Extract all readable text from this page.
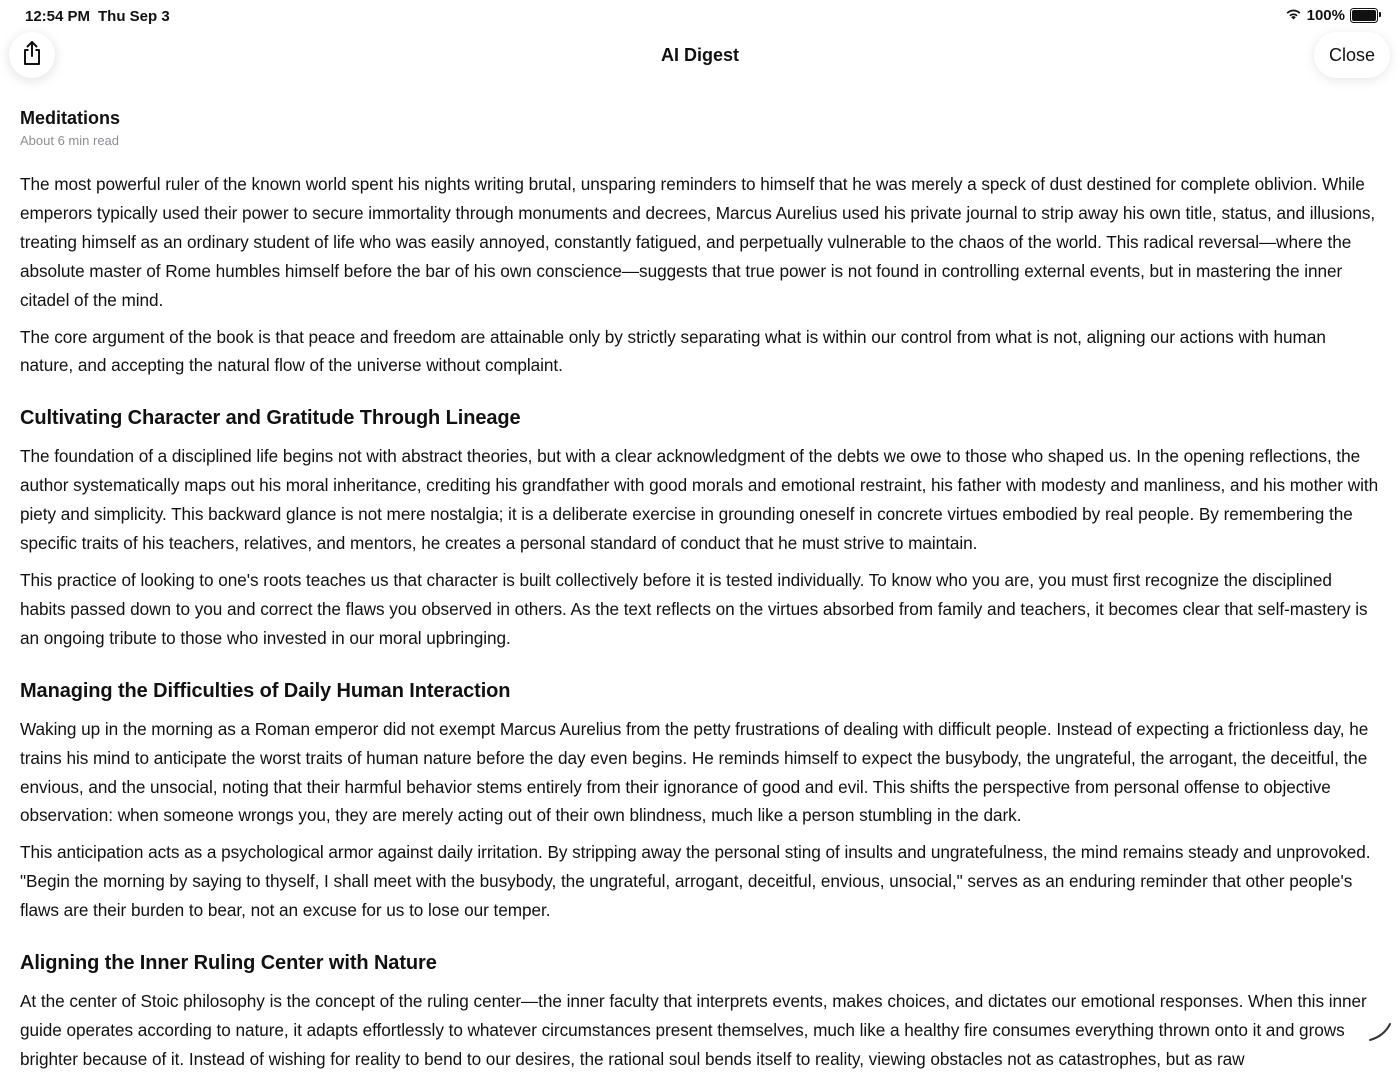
12:54 PM Thu Sep 3	100%
AI Digest	Close
Meditations
About 6 min read

The most powerful ruler of the known world spent his nights writing brutal, unsparing reminders to himself that he was merely a speck of dust destined for complete oblivion. While emperors typically used their power to secure immortality through monuments and decrees, Marcus Aurelius used his private journal to strip away his own title, status, and illusions, treating himself as an ordinary student of life who was easily annoyed, constantly fatigued, and perpetually vulnerable to the chaos of the world. This radical reversal—where the absolute master of Rome humbles himself before the bar of his own conscience—suggests that true power is not found in controlling external events, but in mastering the inner citadel of the mind.

The core argument of the book is that peace and freedom are attainable only by strictly separating what is within our control from what is not, aligning our actions with human nature, and accepting the natural flow of the universe without complaint.

Cultivating Character and Gratitude Through Lineage

The foundation of a disciplined life begins not with abstract theories, but with a clear acknowledgment of the debts we owe to those who shaped us. In the opening reflections, the author systematically maps out his moral inheritance, crediting his grandfather with good morals and emotional restraint, his father with modesty and manliness, and his mother with piety and simplicity. This backward glance is not mere nostalgia; it is a deliberate exercise in grounding oneself in concrete virtues embodied by real people. By remembering the specific traits of his teachers, relatives, and mentors, he creates a personal standard of conduct that he must strive to maintain.

This practice of looking to one's roots teaches us that character is built collectively before it is tested individually. To know who you are, you must first recognize the disciplined habits passed down to you and correct the flaws you observed in others. As the text reflects on the virtues absorbed from family and teachers, it becomes clear that self-mastery is an ongoing tribute to those who invested in our moral upbringing.

Managing the Difficulties of Daily Human Interaction

Waking up in the morning as a Roman emperor did not exempt Marcus Aurelius from the petty frustrations of dealing with difficult people. Instead of expecting a frictionless day, he trains his mind to anticipate the worst traits of human nature before the day even begins. He reminds himself to expect the busybody, the ungrateful, the arrogant, the deceitful, the envious, and the unsocial, noting that their harmful behavior stems entirely from their ignorance of good and evil. This shifts the perspective from personal offense to objective observation: when someone wrongs you, they are merely acting out of their own blindness, much like a person stumbling in the dark.

This anticipation acts as a psychological armor against daily irritation. By stripping away the personal sting of insults and ungratefulness, the mind remains steady and unprovoked. "Begin the morning by saying to thyself, I shall meet with the busybody, the ungrateful, arrogant, deceitful, envious, unsocial," serves as an enduring reminder that other people's flaws are their burden to bear, not an excuse for us to lose our temper.

Aligning the Inner Ruling Center with Nature

At the center of Stoic philosophy is the concept of the ruling center—the inner faculty that interprets events, makes choices, and dictates our emotional responses. When this inner guide operates according to nature, it adapts effortlessly to whatever circumstances present themselves, much like a healthy fire consumes everything thrown onto it and grows brighter because of it. Instead of wishing for reality to bend to our desires, the rational soul bends itself to reality, viewing obstacles not as catastrophes, but as raw
